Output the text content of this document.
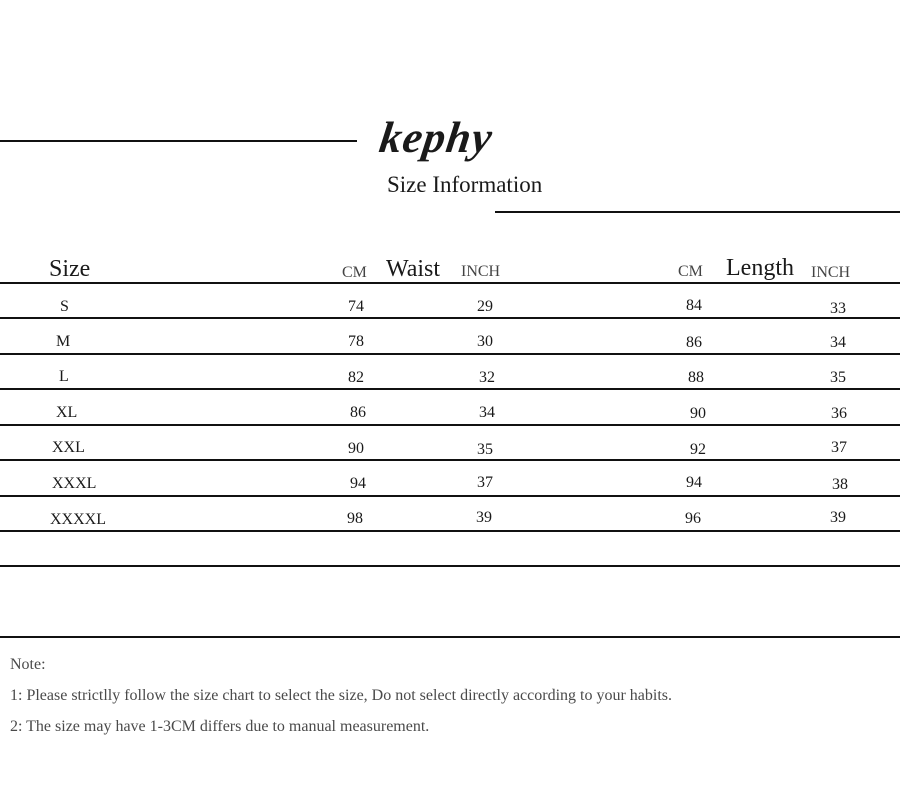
kephy
Size Information
Size	CM Waist INCH	CM Length INCH
S	74	29	84	33
M	78	30	86	34
L	82	32	88	35
XL	86	34	90	36
XXL	90	35	92	37
XXXL	94	37	94	38
XXXXL	98	39	96	39
Note:
1: Please strictlly follow the size chart to select the size, Do not select directly according to your habits.
2: The size may have 1-3CM differs due to manual measurement.
